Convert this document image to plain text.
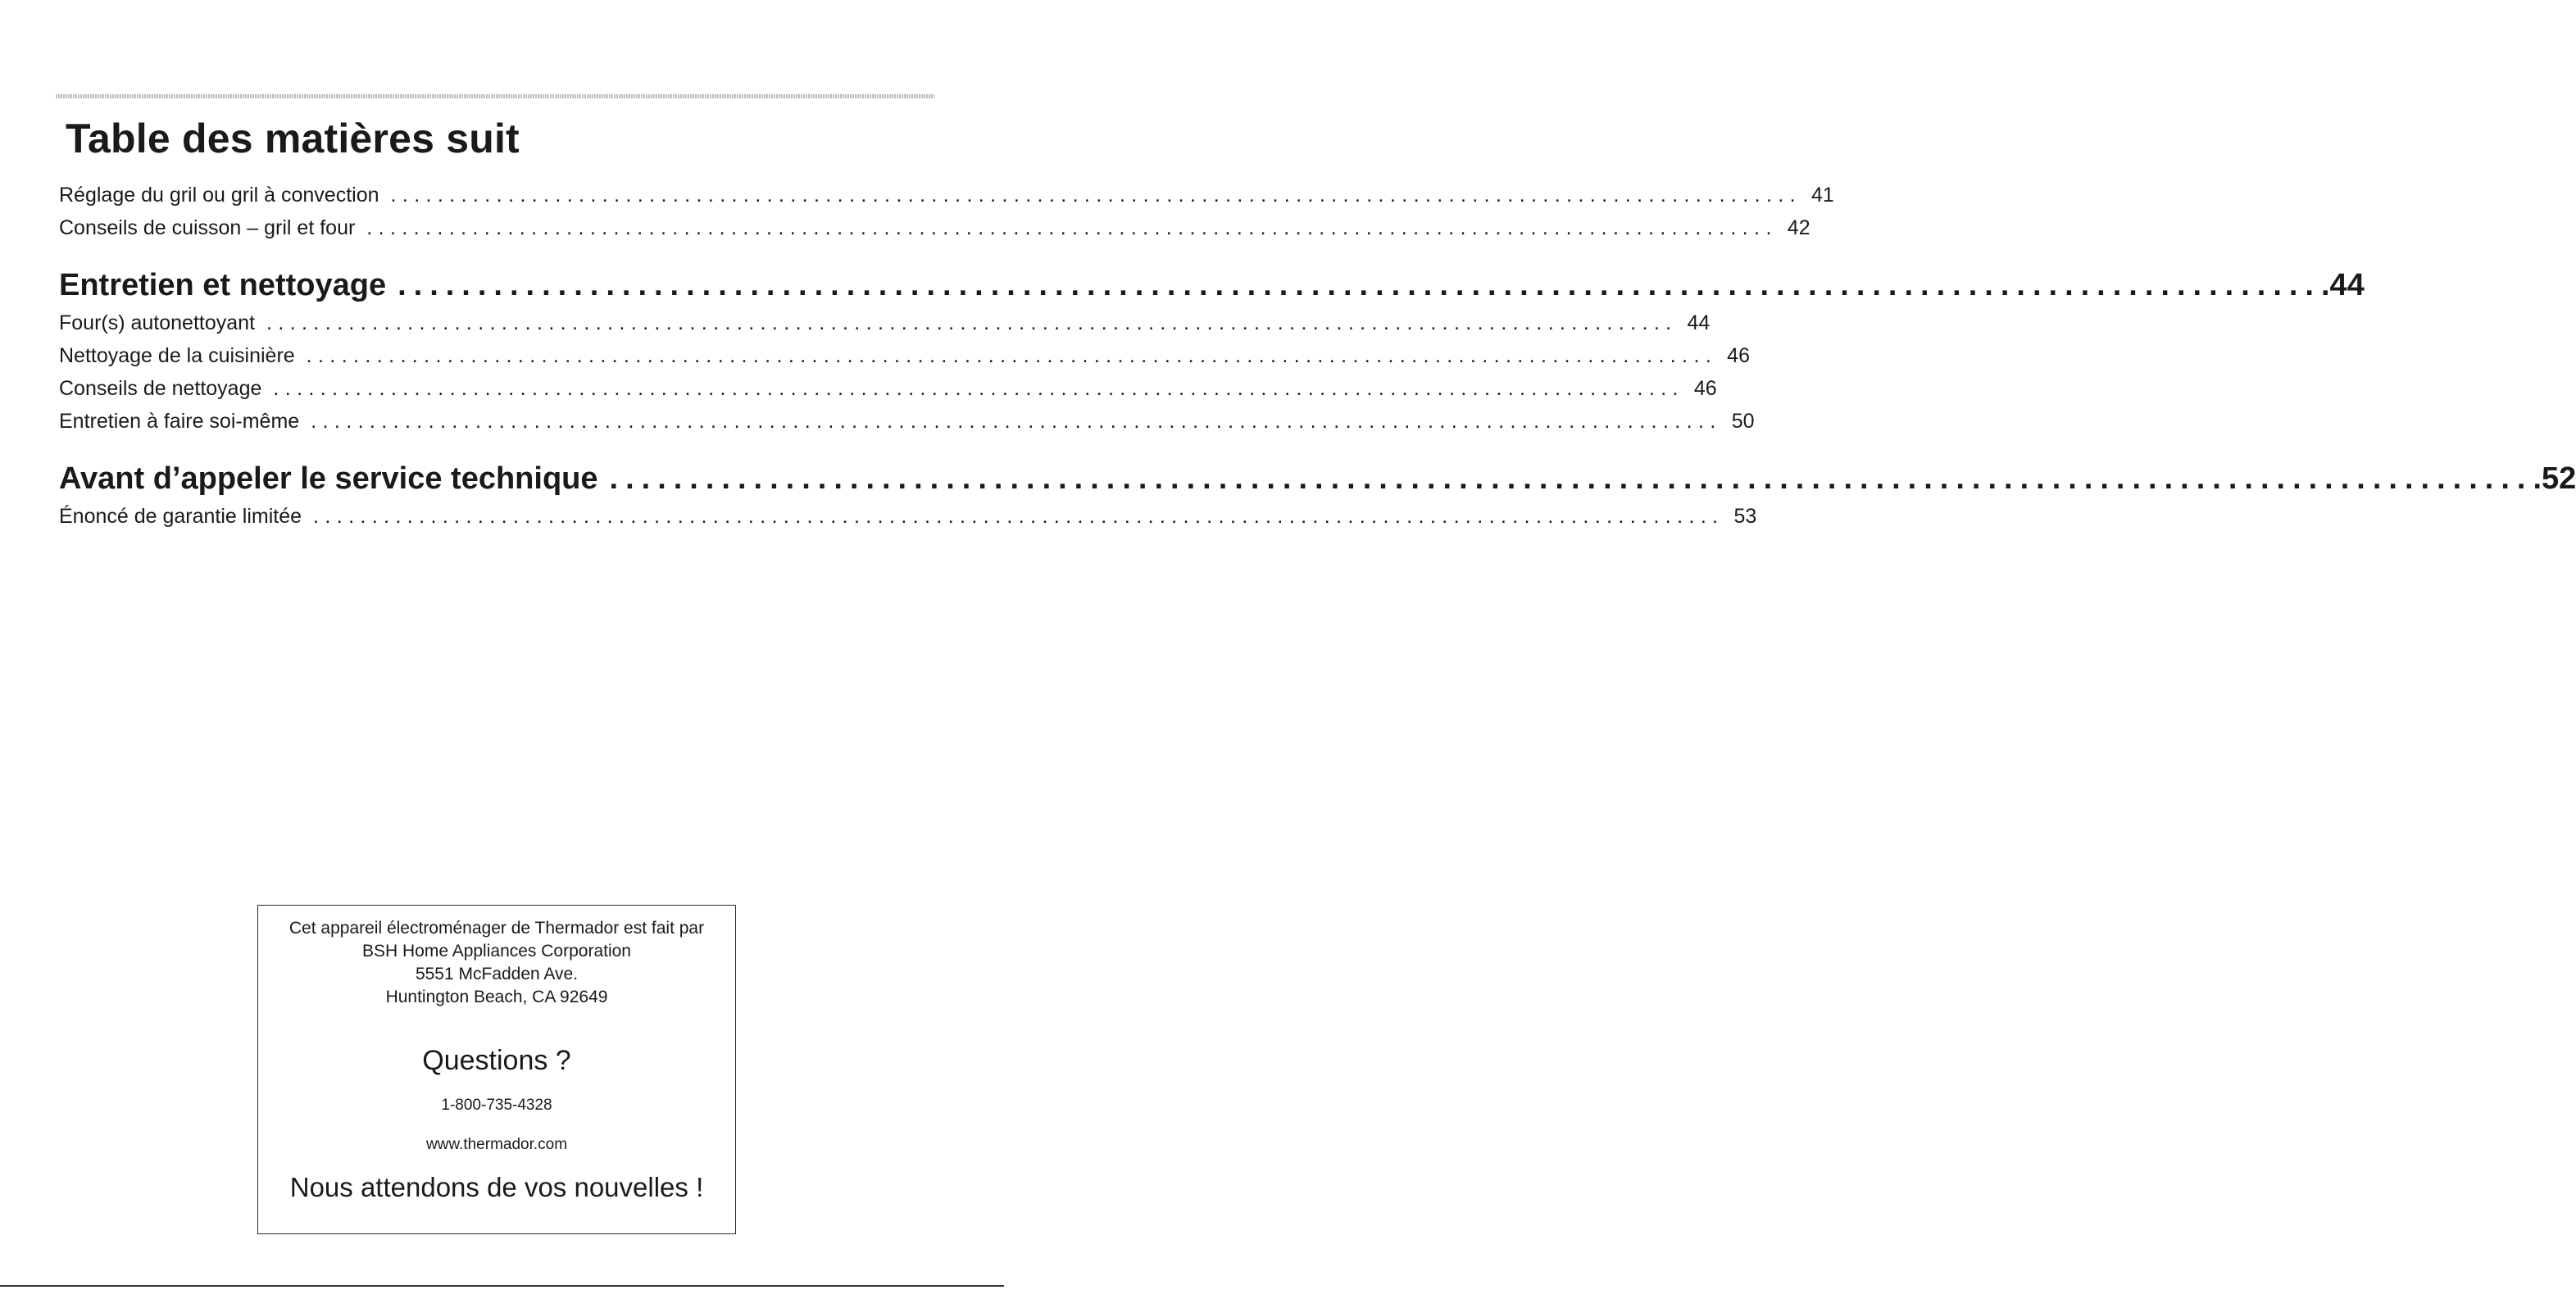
Table des matières suit
Réglage du gril ou gril à convection ........................................................................................................................ 41
Conseils de cuisson – gril et four ........................................................................................................................ 42
Entretien et nettoyage ........................................................................................................................ .44
Four(s) autonettoyant ........................................................................................................................ 44
Nettoyage de la cuisinière ........................................................................................................................ 46
Conseils de nettoyage ........................................................................................................................ 46
Entretien à faire soi-même ........................................................................................................................ 50
Avant d’appeler le service technique ........................................................................................................................ .52
Énoncé de garantie limitée ........................................................................................................................ 53
Cet appareil électroménager de Thermador est fait par
BSH Home Appliances Corporation
5551 McFadden Ave.
Huntington Beach, CA 92649
Questions ?
1-800-735-4328
www.thermador.com
Nous attendons de vos nouvelles !
